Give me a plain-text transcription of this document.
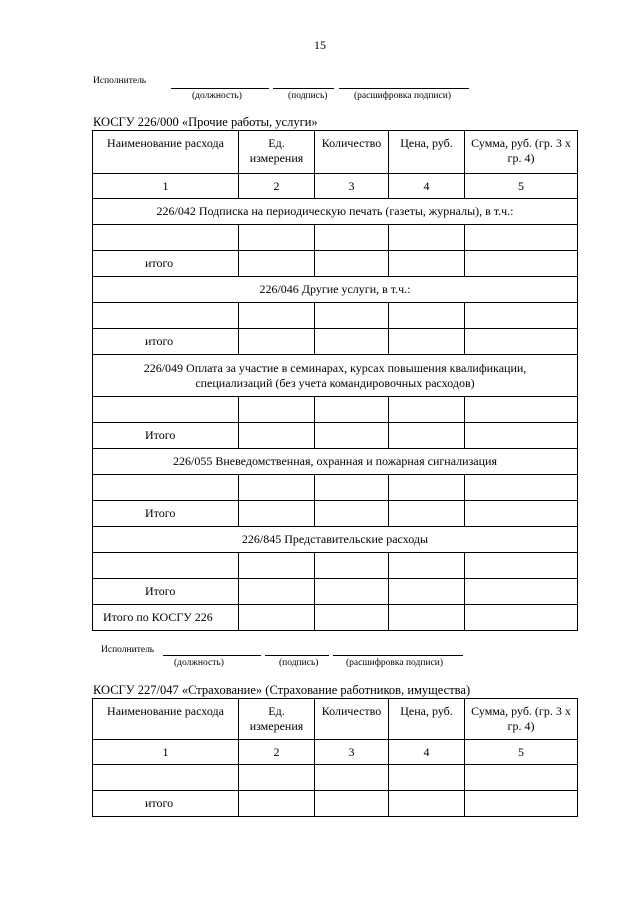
15
Исполнитель
(должность)	(подпись)	(расшифровка подписи)
КОСГУ 226/000 «Прочие работы, услуги»
Наименование расхода	Ед. измерения	Количество	Цена, руб.	Сумма, руб. (гр. 3 х гр. 4)
1	2	3	4	5
226/042 Подписка на периодическую печать (газеты, журналы), в т.ч.:				

итого				
226/046 Другие услуги, в т.ч.:				

итого				
226/049 Оплата за участие в семинарах, курсах повышения квалификации, специализаций (без учета командировочных расходов)				

Итого				
226/055 Вневедомственная, охранная и пожарная сигнализация				

Итого				
226/845 Представительские расходы				

Итого				
Итого по КОСГУ 226				
Исполнитель
(должность)	(подпись)	(расшифровка подписи)
КОСГУ 227/047 «Страхование» (Страхование работников, имущества)
Наименование расхода	Ед. измерения	Количество	Цена, руб.	Сумма, руб. (гр. 3 х гр. 4)
1	2	3	4	5

итого				
